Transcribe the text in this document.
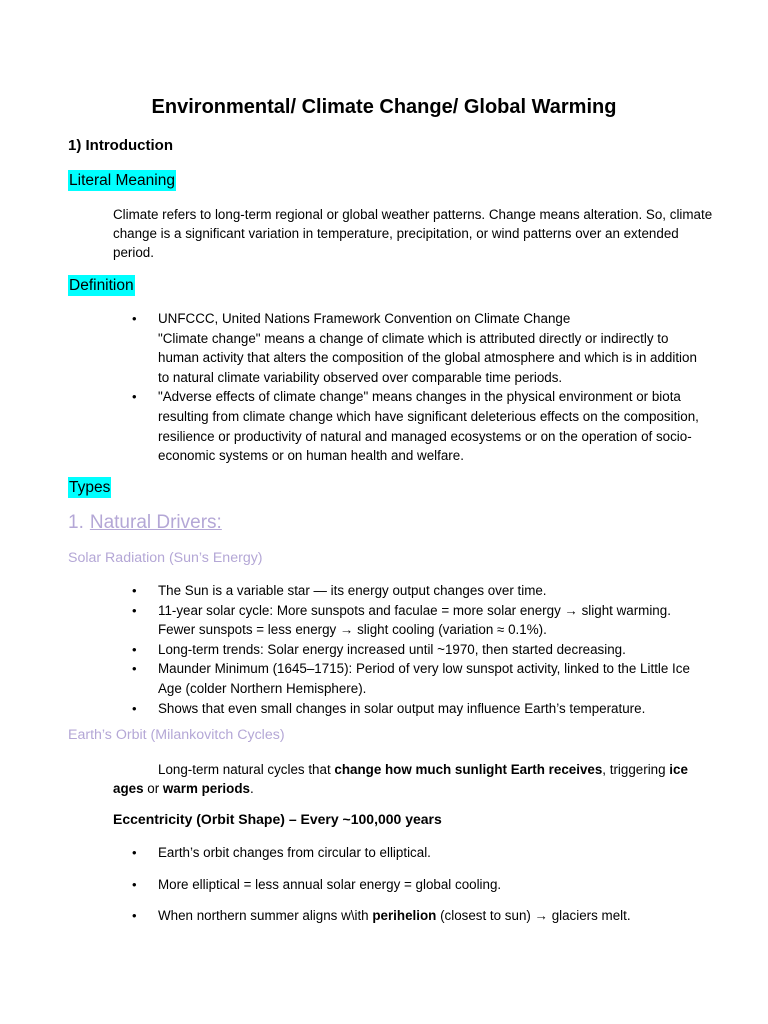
Environmental/ Climate Change/ Global Warming
1) Introduction
Literal Meaning

Climate refers to long-term regional or global weather patterns. Change means alteration. So, climate change is a significant variation in temperature, precipitation, or wind patterns over an extended period.

Definition
• UNFCCC, United Nations Framework Convention on Climate Change
"Climate change" means a change of climate which is attributed directly or indirectly to human activity that alters the composition of the global atmosphere and which is in addition to natural climate variability observed over comparable time periods.
• "Adverse effects of climate change" means changes in the physical environment or biota resulting from climate change which have significant deleterious effects on the composition, resilience or productivity of natural and managed ecosystems or on the operation of socio-economic systems or on human health and welfare.
Types
1. Natural Drivers:
Solar Radiation (Sun’s Energy)
• The Sun is a variable star — its energy output changes over time.
• 11-year solar cycle: More sunspots and faculae = more solar energy → slight warming. Fewer sunspots = less energy → slight cooling (variation ≈ 0.1%).
• Long-term trends: Solar energy increased until ~1970, then started decreasing.
• Maunder Minimum (1645–1715): Period of very low sunspot activity, linked to the Little Ice Age (colder Northern Hemisphere).
• Shows that even small changes in solar output may influence Earth’s temperature.
Earth’s Orbit (Milankovitch Cycles)
Long-term natural cycles that change how much sunlight Earth receives, triggering ice ages or warm periods.
Eccentricity (Orbit Shape) – Every ~100,000 years
• Earth’s orbit changes from circular to elliptical.
• More elliptical = less annual solar energy = global cooling.
• When northern summer aligns w\ith perihelion (closest to sun) → glaciers melt.
